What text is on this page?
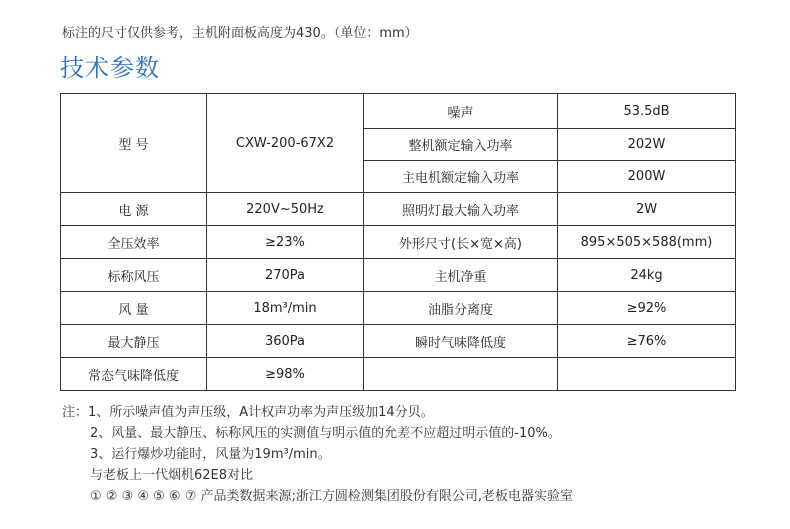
标注的尺寸仅供参考，主机附面板高度为430。（单位：mm）
技术参数
型 号	CXW-200-67X2	噪声	53.5dB
		整机额定输入功率	202W
		主电机额定输入功率	200W
电 源	220V~50Hz	照明灯最大输入功率	2W
全压效率	≥23%	外形尺寸(长×宽×高)	895×505×588(mm)
标称风压	270Pa	主机净重	24kg
风 量	18m³/min	油脂分离度	≥92%
最大静压	360Pa	瞬时气味降低度	≥76%
常态气味降低度	≥98%		
注：1、所示噪声值为声压级，A计权声功率为声压级加14分贝。
2、风量、最大静压、标称风压的实测值与明示值的允差不应超过明示值的-10%。
3、运行爆炒功能时，风量为19m³/min。
与老板上一代烟机62E8对比
① ② ③ ④ ⑤ ⑥ ⑦ 产品类数据来源;浙江方圆检测集团股份有限公司,老板电器实验室
